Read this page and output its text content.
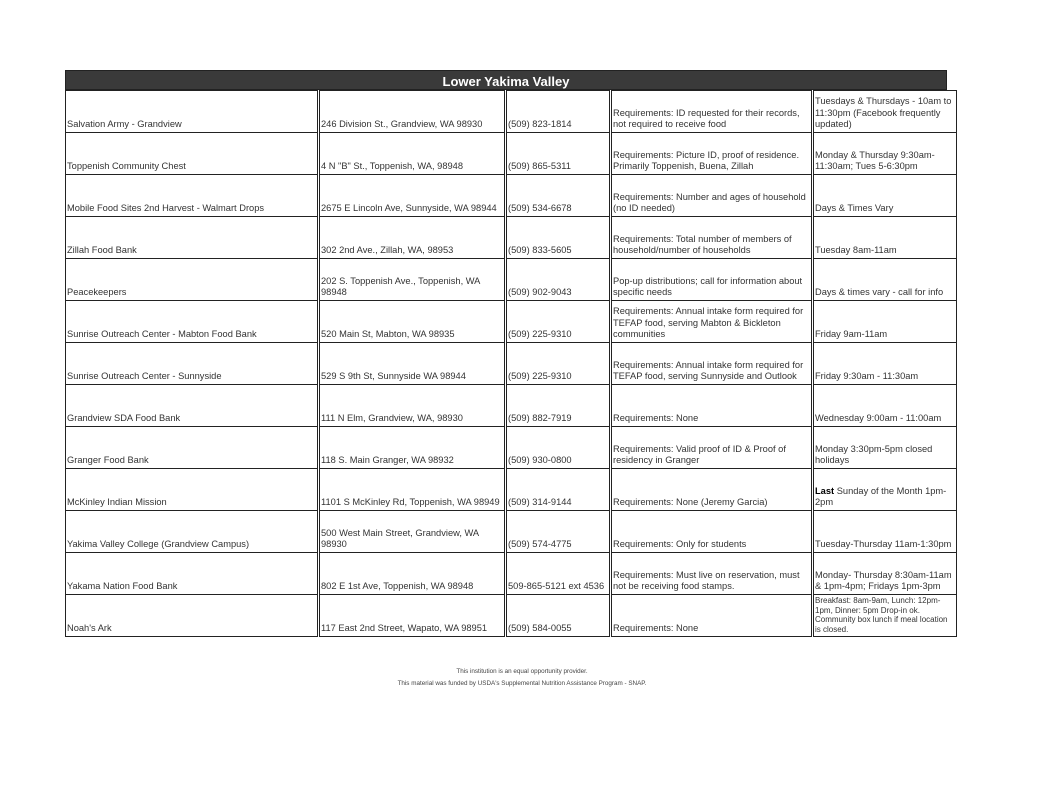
Lower Yakima Valley
Salvation Army - Grandview	246 Division St., Grandview, WA 98930	(509) 823-1814	Requirements: ID requested for their records, not required to receive food	Tuesdays & Thursdays - 10am to 11:30pm (Facebook frequently updated)
Toppenish Community Chest	4 N "B" St., Toppenish, WA, 98948	(509) 865-5311	Requirements: Picture ID, proof of residence. Primarily Toppenish, Buena, Zillah	Monday & Thursday 9:30am-11:30am; Tues 5-6:30pm
Mobile Food Sites 2nd Harvest - Walmart Drops	2675 E Lincoln Ave, Sunnyside, WA 98944	(509) 534-6678	Requirements: Number and ages of household (no ID needed)	Days & Times Vary
Zillah Food Bank	302 2nd Ave., Zillah, WA, 98953	(509) 833-5605	Requirements: Total number of members of household/number of households	Tuesday 8am-11am
Peacekeepers	202 S. Toppenish Ave., Toppenish, WA 98948	(509) 902-9043	Pop-up distributions; call for information about specific needs	Days & times vary - call for info
Sunrise Outreach Center - Mabton Food Bank	520 Main St, Mabton, WA 98935	(509) 225-9310	Requirements: Annual intake form required for TEFAP food, serving Mabton & Bickleton communities	Friday 9am-11am
Sunrise Outreach Center - Sunnyside	529 S 9th St, Sunnyside WA 98944	(509) 225-9310	Requirements: Annual intake form required for TEFAP food, serving Sunnyside and Outlook	Friday 9:30am - 11:30am
Grandview SDA Food Bank	111 N Elm, Grandview, WA, 98930	(509) 882-7919	Requirements: None	Wednesday 9:00am - 11:00am
Granger Food Bank	118 S. Main Granger, WA 98932	(509) 930-0800	Requirements: Valid proof of ID & Proof of residency in Granger	Monday 3:30pm-5pm closed holidays
McKinley Indian Mission	1101 S McKinley Rd, Toppenish, WA 98949	(509) 314-9144	Requirements: None (Jeremy Garcia)	Last Sunday of the Month 1pm-2pm
Yakima Valley College (Grandview Campus)	500 West Main Street, Grandview, WA 98930	(509) 574-4775	Requirements: Only for students	Tuesday-Thursday 11am-1:30pm
Yakama Nation Food Bank	802 E 1st Ave, Toppenish, WA 98948	509-865-5121 ext 4536	Requirements: Must live on reservation, must not be receiving food stamps.	Monday- Thursday 8:30am-11am & 1pm-4pm; Fridays 1pm-3pm
Noah's Ark	117 East 2nd Street, Wapato, WA 98951	(509) 584-0055	Requirements: None	Breakfast: 8am-9am, Lunch: 12pm-1pm, Dinner: 5pm Drop-in ok. Community box lunch if meal location is closed.
This institution is an equal opportunity provider.
This material was funded by USDA's Supplemental Nutrition Assistance Program - SNAP.
